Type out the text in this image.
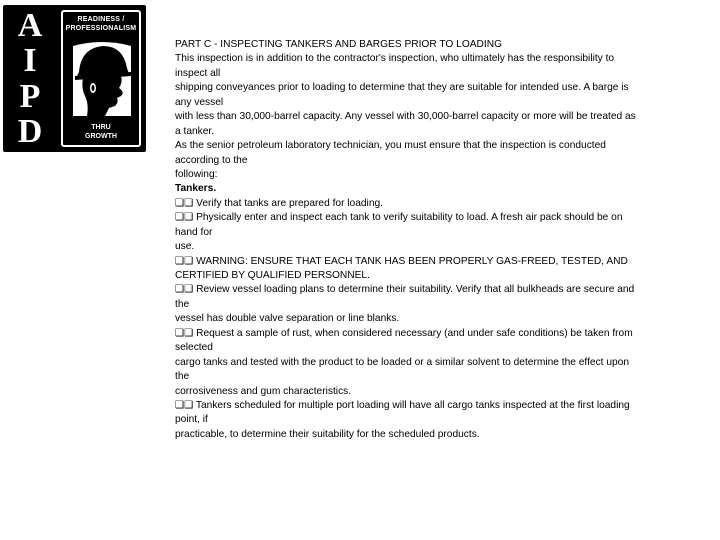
A
I
P
D
READINESS /
PROFESSIONALISM
THRU
GROWTH
PART C - INSPECTING TANKERS AND BARGES PRIOR TO LOADING
This inspection is in addition to the contractor's inspection, who ultimately has the responsibility to
inspect all
shipping conveyances prior to loading to determine that they are suitable for intended use. A barge is
any vessel
with less than 30,000-barrel capacity. Any vessel with 30,000-barrel capacity or more will be treated as
a tanker.
As the senior petroleum laboratory technician, you must ensure that the inspection is conducted
according to the
following:
Tankers.
❑❑ Verify that tanks are prepared for loading.
❑❑ Physically enter and inspect each tank to verify suitability to load. A fresh air pack should be on
hand for
use.
❑❑ WARNING: ENSURE THAT EACH TANK HAS BEEN PROPERLY GAS-FREED, TESTED, AND
CERTIFIED BY QUALIFIED PERSONNEL.
❑❑ Review vessel loading plans to determine their suitability. Verify that all bulkheads are secure and
the
vessel has double valve separation or line blanks.
❑❑ Request a sample of rust, when considered necessary (and under safe conditions) be taken from
selected
cargo tanks and tested with the product to be loaded or a similar solvent to determine the effect upon
the
corrosiveness and gum characteristics.
❑❑ Tankers scheduled for multiple port loading will have all cargo tanks inspected at the first loading
point, if
practicable, to determine their suitability for the scheduled products.
